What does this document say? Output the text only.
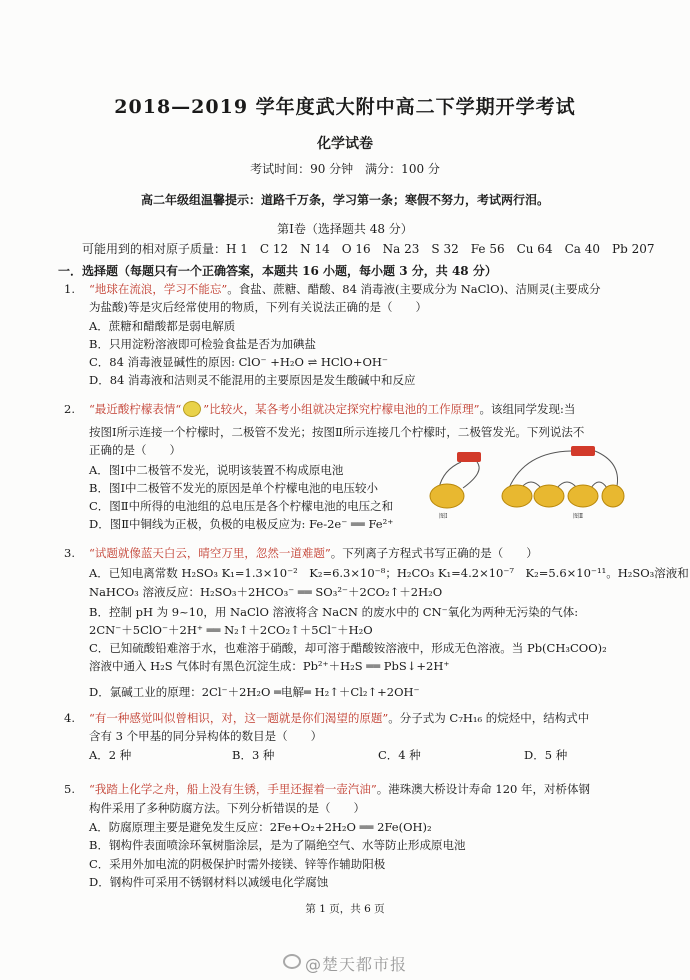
2018—2019 学年度武大附中高二下学期开学考试
化学试卷
考试时间：90 分钟　满分：100 分
高二年级组温馨提示：道路千万条，学习第一条；寒假不努力，考试两行泪。
第Ⅰ卷（选择题共 48 分）
可能用到的相对原子质量：H 1　C 12　N 14　O 16　Na 23　S 32　Fe 56　Cu 64　Ca 40　Pb 207
一．选择题（每题只有一个正确答案，本题共 16 小题，每小题 3 分，共 48 分）
1. “地球在流浪，学习不能忘”。食盐、蔗糖、醋酸、84 消毒液(主要成分为 NaClO)、洁厕灵(主要成分
为盐酸)等是灾后经常使用的物质，下列有关说法正确的是（　　）
A．蔗糖和醋酸都是弱电解质
B．只用淀粉溶液即可检验食盐是否为加碘盐
C．84 消毒液显碱性的原因: ClO⁻ +H₂O ⇌ HClO+OH⁻
D．84 消毒液和洁则灵不能混用的主要原因是发生酸碱中和反应
2. “最近酸柠檬表情“ ”比较火，某各考小组就决定探究柠檬电池的工作原理”。该组同学发现:当
按图Ⅰ所示连接一个柠檬时，二极管不发光；按图Ⅱ所示连接几个柠檬时，二极管发光。下列说法不
正确的是（　　）
A．图Ⅰ中二极管不发光，说明该装置不构成原电池
B．图Ⅰ中二极管不发光的原因是单个柠檬电池的电压较小
C．图Ⅱ中所得的电池组的总电压是各个柠檬电池的电压之和
D．图Ⅱ中铜线为正极，负极的电极反应为: Fe-2e⁻ ══ Fe²⁺
图Ⅰ	图Ⅱ
3. “试题就像蓝天白云，晴空万里，忽然一道难题”。下列离子方程式书写正确的是（　　）
A．已知电离常数 H₂SO₃ K₁=1.3×10⁻²　K₂=6.3×10⁻⁸；H₂CO₃ K₁=4.2×10⁻⁷　K₂=5.6×10⁻¹¹。H₂SO₃溶液和
NaHCO₃ 溶液反应：H₂SO₃＋2HCO₃⁻ ══ SO₃²⁻＋2CO₂↑＋2H₂O
B．控制 pH 为 9~10，用 NaClO 溶液将含 NaCN 的废水中的 CN⁻氧化为两种无污染的气体:
2CN⁻＋5ClO⁻＋2H⁺ ══ N₂↑＋2CO₂↑＋5Cl⁻＋H₂O
C．已知硫酸铅难溶于水，也难溶于硝酸，却可溶于醋酸铵溶液中，形成无色溶液。当 Pb(CH₃COO)₂
溶液中通入 H₂S 气体时有黑色沉淀生成：Pb²⁺＋H₂S ══ PbS↓+2H⁺
D．氯碱工业的原理：2Cl⁻＋2H₂O ═电解═ H₂↑＋Cl₂↑+2OH⁻
4. “有一种感觉叫似曾相识，对，这一题就是你们渴望的原题”。分子式为 C₇H₁₆ 的烷烃中，结构式中
含有 3 个甲基的同分异构体的数目是（　　）
A．2 种	B．3 种	C．4 种	D．5 种
5. “我踏上化学之舟，船上没有生锈，手里还握着一壶汽油”。港珠澳大桥设计寿命 120 年，对桥体钢
构件采用了多种防腐方法。下列分析错误的是（　　）
A．防腐原理主要是避免发生反应：2Fe+O₂+2H₂O ══ 2Fe(OH)₂
B．钢构件表面喷涂环氧树脂涂层，是为了隔绝空气、水等防止形成原电池
C．采用外加电流的阴极保护时需外接镁、锌等作辅助阳极
D．钢构件可采用不锈钢材料以减缓电化学腐蚀
第 1 页，共 6 页
@楚天都市报
